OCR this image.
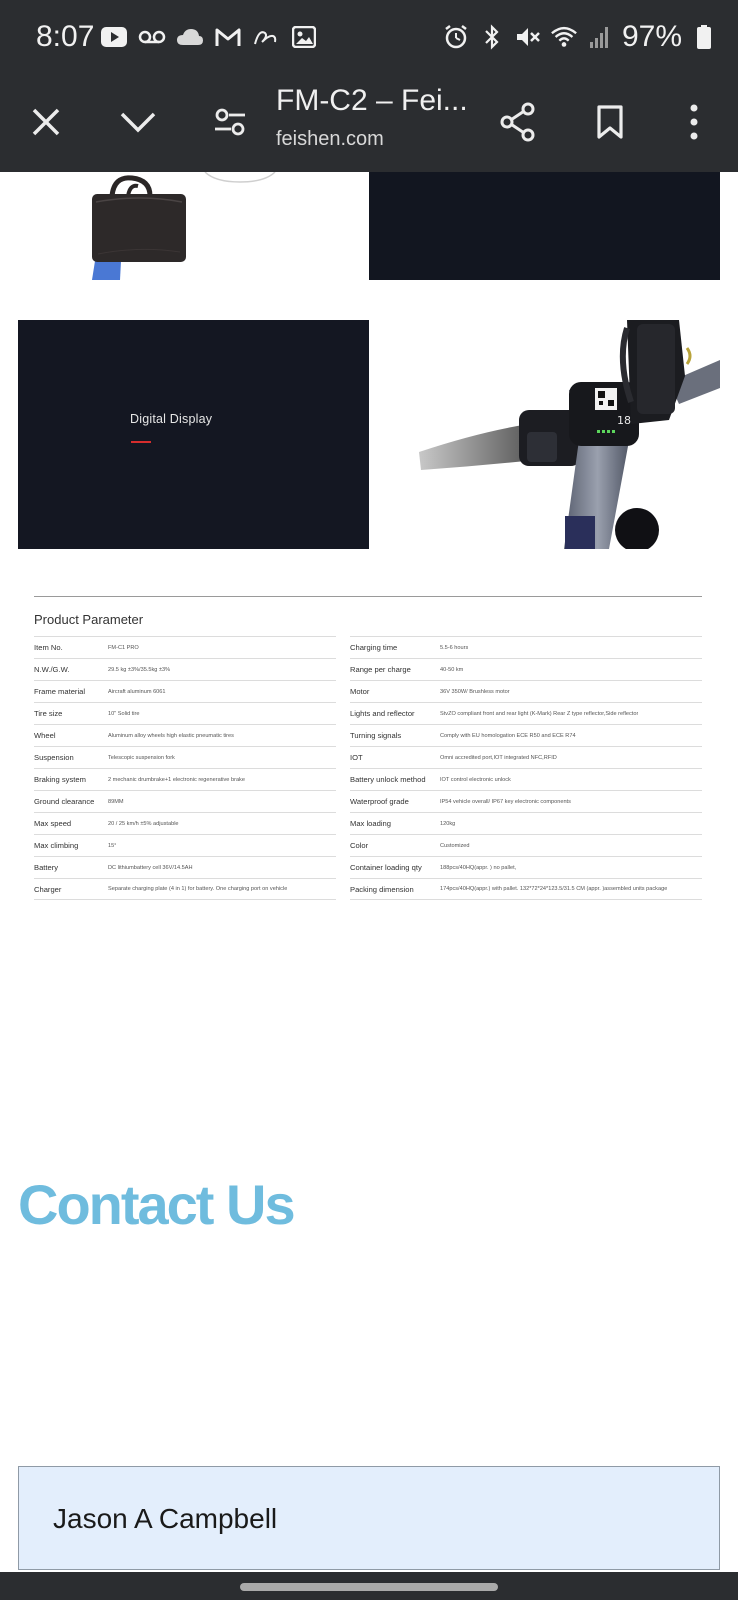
8:07	97%
FM-C2 – Fei...
feishen.com
Digital Display	18
Product Parameter
Item No.	FM-C1 PRO
N.W./G.W.	29.5 kg ±3%/35.5kg ±3%
Frame material	Aircraft aluminum 6061
Tire size	10" Solid tire
Wheel	Aluminum alloy wheels high elastic pneumatic tires
Suspension	Telescopic suspension fork
Braking system	2 mechanic drumbrake+1 electronic regenerative brake
Ground clearance	89MM
Max speed	20 / 25 km/h ±5% adjustable
Max climbing	15°
Battery	DC lithiumbattery cell 36V/14.5AH
Charger	Separate charging plate (4 in 1) for battery. One charging port on vehicle
Charging time	5.5-6 hours
Range per charge	40-50 km
Motor	36V 350W/ Brushless motor
Lights and reflector	StvZO compliant front and rear light (K-Mark) Rear Z type reflector,Side reflector
Turning signals	Comply with EU homologation ECE R50 and ECE R74
IOT	Omni accredited port,IOT integrated NFC,RFID
Battery unlock method	IOT control electronic unlock
Waterproof grade	IP54 vehicle overall/ IP67 key electronic components
Max loading	120kg
Color	Customized
Container loading qty	188pcs/40HQ(appr. ) no pallet,
Packing dimension	174pcs/40HQ(appr.) with pallet. 132*72*24*123.5/31.5 CM (appr. )assembled units package
Contact Us
Jason A Campbell
